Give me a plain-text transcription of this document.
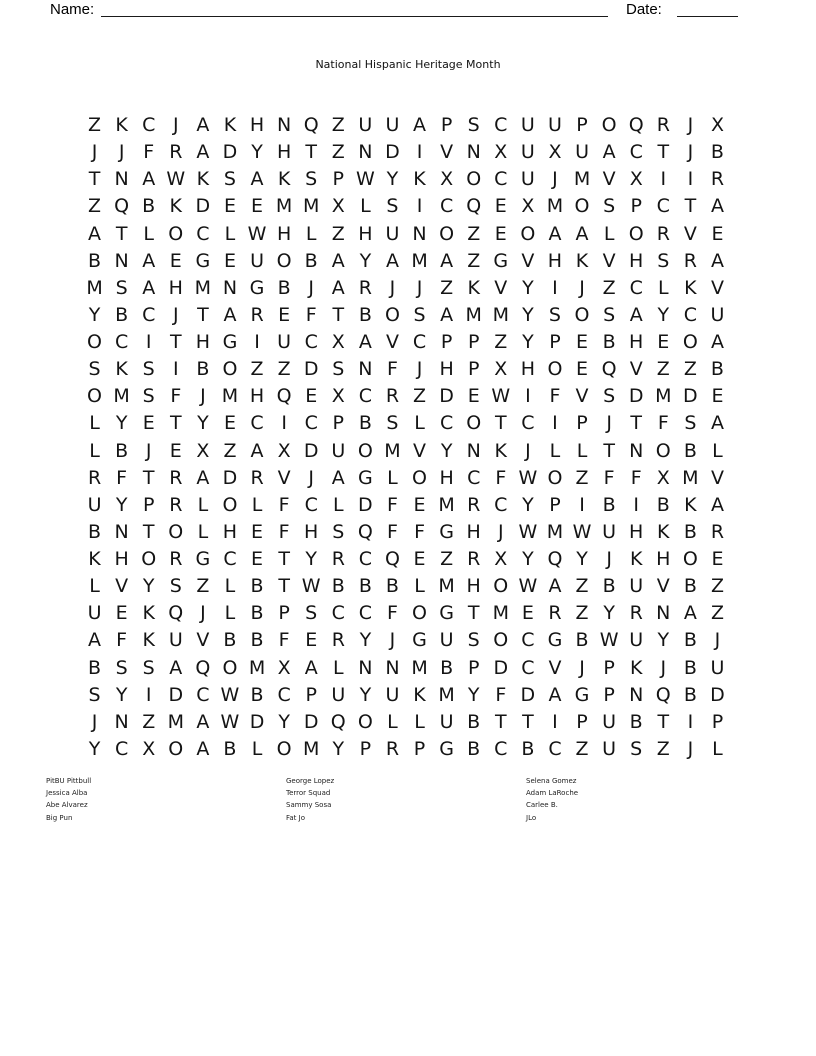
Name:	Date:
National Hispanic Heritage Month
Z K C J A K H N Q Z U U A P S C U U P O Q R J X
J	J F R A D Y H T Z N D I V N X U X U A C T J B
T N A W K S A K S P W Y K X O C U J M V X I	I R
Z Q B K D E E M M X L S I C Q E X M O S P C T A
A T L O C L W H L Z H U N O Z E O A A L O R V E
B N A E G E U O B A Y A M A Z G V H K V H S R A
M S A H M N G B J A R J	J Z K V Y I	J Z C L K V
Y B C J T A R E F T B O S A M M Y S O S A Y C U
O C I T H G I U C X A V C P P Z Y P E B H E O A
S K S I B O Z Z D S N F J H P X H O E Q V Z Z B
O M S F J M H Q E X C R Z D E W I F V S D M D E
L Y E T Y E C I C P B S L C O T C I P J T F S A
L B J E X Z A X D U O M V Y N K J L L T N O B L
R F T R A D R V J A G L O H C F W O Z F F X M V
U Y P R L O L F C L D F E M R C Y P I B I B K A
B N T O L H E F H S Q F F G H J W M W U H K B R
K H O R G C E T Y R C Q E Z R X Y Q Y J K H O E
L V Y S Z L B T W B B B L M H O W A Z B U V B Z
U E K Q J L B P S C C F O G T M E R Z Y R N A Z
A F K U V B B F E R Y J G U S O C G B W U Y B J
B S S A Q O M X A L N N M B P D C V J P K J B U
S Y I D C W B C P U Y U K M Y F D A G P N Q B D
J N Z M A W D Y D Q O L L U B T T I P U B T I P
Y C X O A B L O M Y P R P G B C B C Z U S Z J L
PitBU Pittbull
Jessica Alba
Abe Alvarez
Big Pun
George Lopez
Terror Squad
Sammy Sosa
Fat Jo
Selena Gomez
Adam LaRoche
Carlee B.
JLo
